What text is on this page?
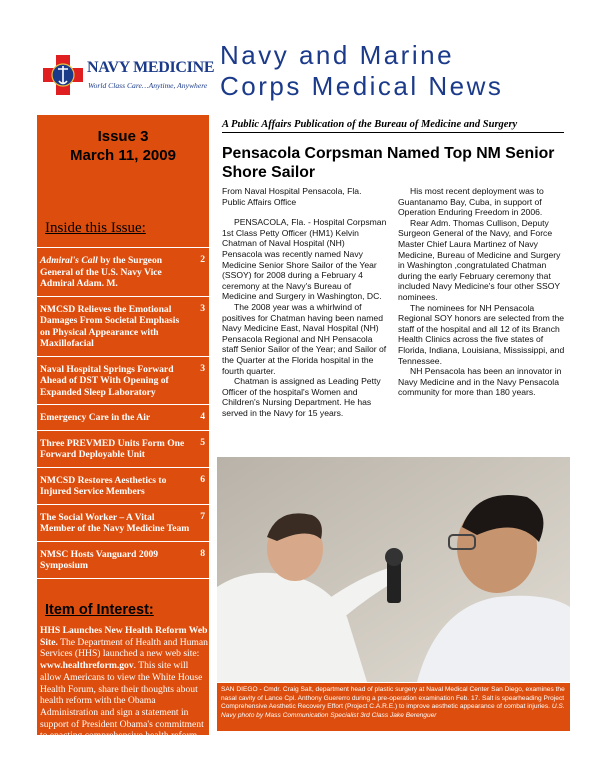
NAVY MEDICINE
World Class Care…Anytime, Anywhere
Issue 3
March 11, 2009
Inside this Issue:
Admiral's Call by the Surgeon General of the U.S. Navy Vice Admiral Adam. M.
2
NMCSD Relieves the Emotional Damages From Societal Emphasis on Physical Appearance with Maxillofacial
3
Naval Hospital Springs Forward Ahead of DST With Opening of Expanded Sleep Laboratory
3
Emergency Care in the Air	4
Three PREVMED Units Form One Forward Deployable Unit
5
NMCSD Restores Aesthetics to Injured Service Members
6
The Social Worker – A Vital Member of the Navy Medicine Team
7
NMSC Hosts Vanguard 2009 Symposium
8
Item of Interest:
HHS Launches New Health Reform Web Site. The Department of Health and Human Services (HHS) launched a new web site: www.healthreform.gov. This site will allow Americans to view the White House Health Forum, share their thoughts about health reform with the Obama Administration and sign a statement in support of President Obama's commitment to enacting comprehensive health reform this year.
Navy and Marine
Corps Medical News
A Public Affairs Publication of the Bureau of Medicine and Surgery
Pensacola Corpsman Named Top NM Senior Shore Sailor

From Naval Hospital Pensacola, Fla.

Public Affairs Office

PENSACOLA, Fla. - Hospital Corpsman 1st Class Petty Officer (HM1) Kelvin Chatman of Naval Hospital (NH) Pensacola was recently named Navy Medicine Senior Shore Sailor of the Year (SSOY) for 2008 during a February 4 ceremony at the Navy's Bureau of Medicine and Surgery in Washington, DC.

The 2008 year was a whirlwind of positives for Chatman having been named Navy Medicine East, Naval Hospital (NH) Pensacola Regional and NH Pensacola staff Senior Sailor of the Year; and Sailor of the Quarter at the Florida hospital in the fourth quarter.

Chatman is assigned as Leading Petty Officer of the hospital's Women and Children's Nursing Department. He has served in the Navy for 15 years.

His most recent deployment was to Guantanamo Bay, Cuba, in support of Operation Enduring Freedom in 2006.

Rear Adm. Thomas Cullison, Deputy Surgeon General of the Navy, and Force Master Chief Laura Martinez of Navy Medicine, Bureau of Medicine and Surgery in Washington ,congratulated Chatman during the early February ceremony that included Navy Medicine's four other SSOY nominees.

The nominees for NH Pensacola Regional SOY honors are selected from the staff of the hospital and all 12 of its Branch Health Clinics across the five states of Florida, Indiana, Louisiana, Mississippi, and Tennessee.

NH Pensacola has been an innovator in Navy Medicine and in the Navy Pensacola community for more than 180 years.

SAN DIEGO - Cmdr. Craig Salt, department head of plastic surgery at Naval Medical Center San Diego, examines the nasal cavity of Lance Cpl. Anthony Guererro during a pre-operation examination Feb. 17. Salt is spearheading Project Comprehensive Aesthetic Recovery Effort (Project C.A.R.E.) to improve aesthetic appearance of combat injuries. U.S. Navy photo by Mass Communication Specialist 3rd Class Jake Berenguer
